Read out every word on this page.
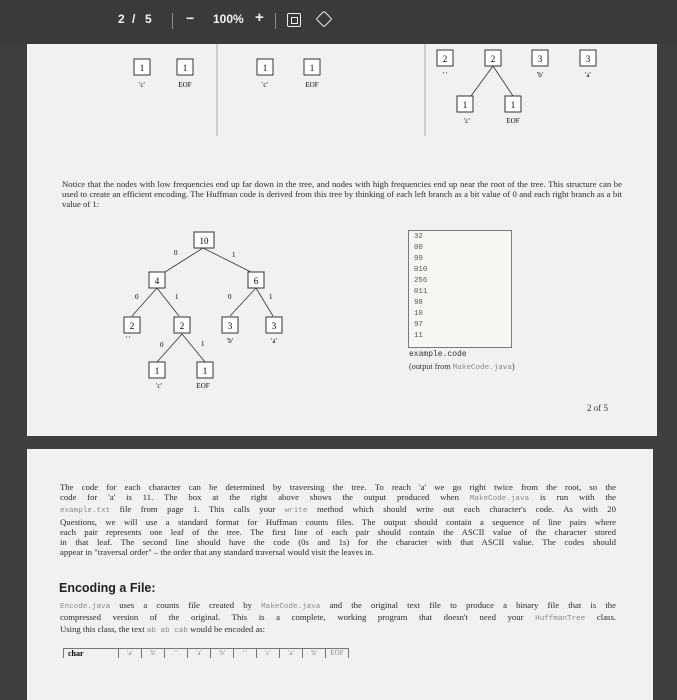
2 / 5 − 100% +
1	1
'c'	EOF
1	1
'c'	EOF
2	2	3	3
' '	'b'	'a'
1	1
'c'	EOF
10
4	6
2	2	3	3
1	1
0	1
0	1	0	1
0	1
' '	'b'	'a'
'c'	EOF
Notice that the nodes with low frequencies end up far down in the tree, and nodes with high frequencies end up near the root of the tree. This structure can be used to create an efficient encoding. The Huffman code is derived from this tree by thinking of each left branch as a bit value of 0 and each right branch as a bit value of 1:
32
00
99
010
256
011
98
10
97
11
example.code
(output from MakeCode.java)
2 of 5
The code for each character can be determined by traversing the tree. To reach 'a' we go right twice from the root, so the
code for 'a' is 11. The box at the right above shows the output produced when MakeCode.java is run with the
example.txt file from page 1. This calls your write method which should write out each character's code. As with 20
Questions, we will use a standard format for Huffman counts files. The output should contain a sequence of line pairs where
each pair represents one leaf of the tree. The first line of each pair should contain the ASCII value of the character stored
in that leaf. The second line should have the code (0s and 1s) for the character with that ASCII value. The codes should
appear in "traversal order" – the order that any standard traversal would visit the leaves in.
Encoding a File:
Encode.java uses a counts file created by MakeCode.java and the original text file to produce a binary file that is the
compressed version of the original. This is a complete, working program that doesn't need your HuffmanTree class.
Using this class, the text ab ab cab would be encoded as:
char	'a'	'b'	' '	'a'	'b'	' '	'c'	'a'	'b'	EOF
